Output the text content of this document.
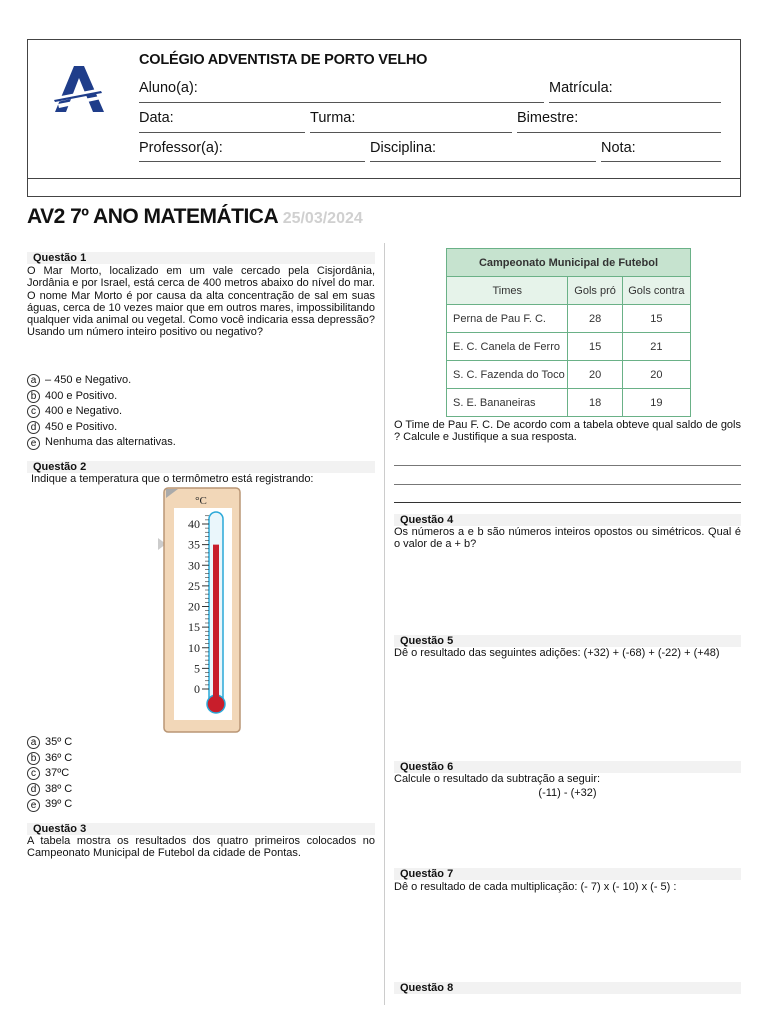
COLÉGIO ADVENTISTA DE PORTO VELHO
Aluno(a):	Matrícula:
Data:	Turma:	Bimestre:
Professor(a):	Disciplina:	Nota:
AV2 7º ANO MATEMÁTICA 25/03/2024
Questão 1
O Mar Morto, localizado em um vale cercado pela Cisjordânia, Jordânia e por Israel, está cerca de 400 metros abaixo do nível do mar. O nome Mar Morto é por causa da alta concentração de sal em suas águas, cerca de 10 vezes maior que em outros mares, impossibilitando qualquer vida animal ou vegetal. Como você indicaria essa depressão? Usando um número inteiro positivo ou negativo?
a – 450 e Negativo.
b 400 e Positivo.
c 400 e Negativo.
d 450 e Positivo.
e Nenhuma das alternativas.
Questão 2
Indique a temperatura que o termômetro está registrando:
°C
40
35
30
25
20
15
10
5
0
a 35º C
b 36º C
c 37ºC
d 38º C
e 39º C
Questão 3
A tabela mostra os resultados dos quatro primeiros colocados no Campeonato Municipal de Futebol da cidade de Pontas.
Campeonato Municipal de Futebol		
Times	Gols pró	Gols contra
Perna de Pau F. C.	28	15
E. C. Canela de Ferro	15	21
S. C. Fazenda do Toco	20	20
S. E. Bananeiras	18	19
O Time de Pau F. C. De acordo com a tabela obteve qual saldo de gols ? Calcule e Justifique a sua resposta.
Questão 4
Os números a e b são números inteiros opostos ou simétricos. Qual é o valor de a + b?
Questão 5
Dê o resultado das seguintes adições: (+32) + (-68) + (-22) + (+48)
Questão 6
Calcule o resultado da subtração a seguir:
(-11) - (+32)
Questão 7
Dê o resultado de cada multiplicação: (- 7) x (- 10) x (- 5) :
Questão 8
